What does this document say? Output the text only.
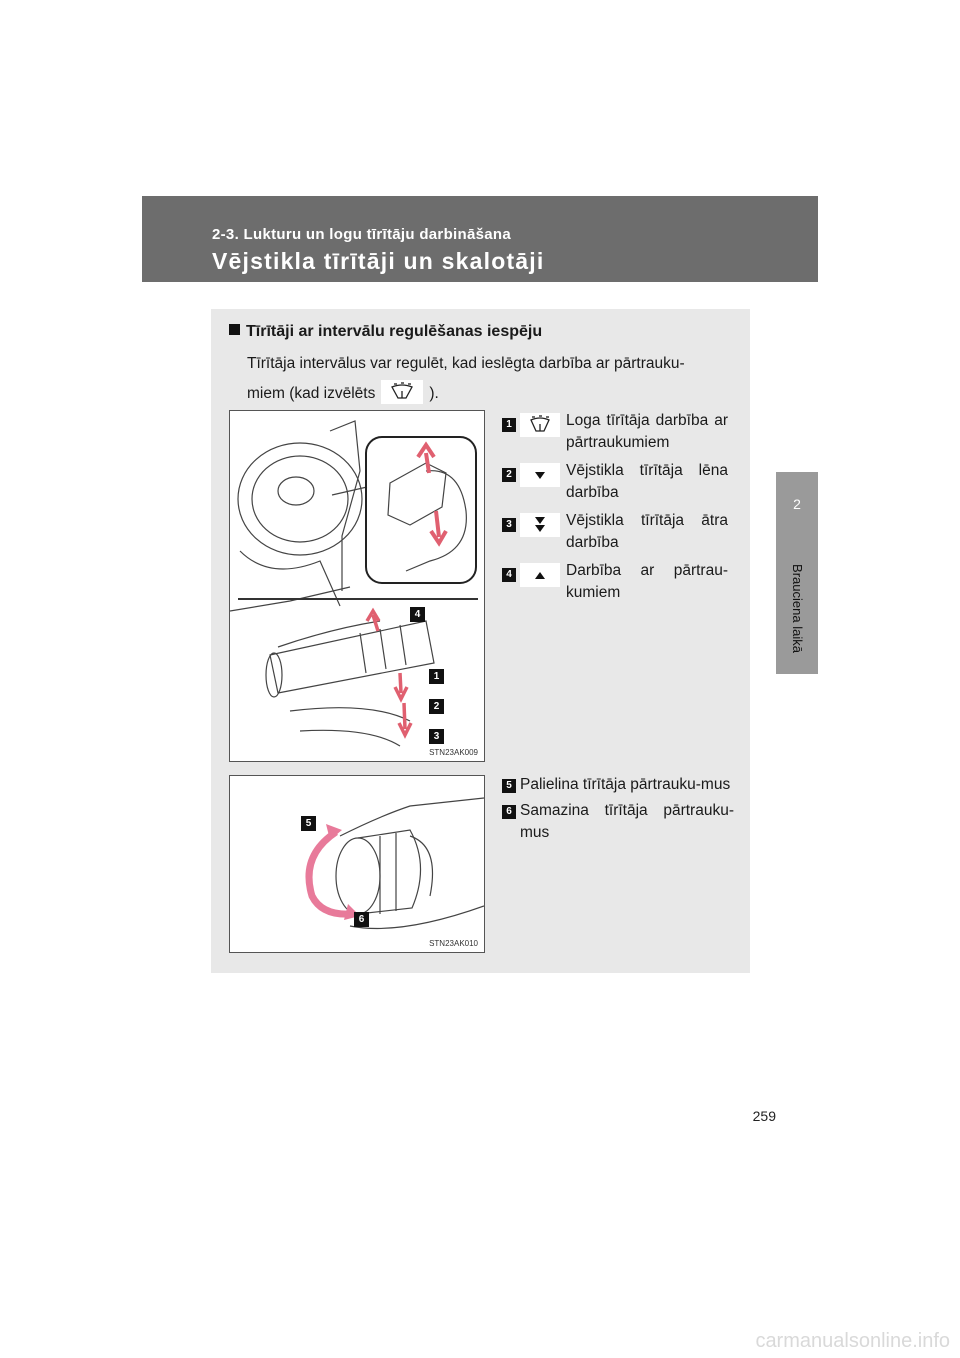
2-3. Lukturu un logu tīrītāju darbināšana
Vējstikla tīrītāji un skalotāji
2
Brauciena laikā
Tīrītāji ar intervālu regulēšanas iespēju
Tīrītāja intervālus var regulēt, kad ieslēgta darbība ar pārtrauku-
miem (kad izvēlēts	).
4
1
2
3
STN23AK009
1	Loga tīrītāja darbība ar pārtraukumiem
2	Vējstikla tīrītāja lēna darbība
3	Vējstikla tīrītāja ātra darbība
4	Darbība ar pārtrau-kumiem
5
6
STN23AK010
5 Palielina tīrītāja pārtrauku-mus
6 Samazina tīrītāja pārtrauku-mus
259
carmanualsonline.info
